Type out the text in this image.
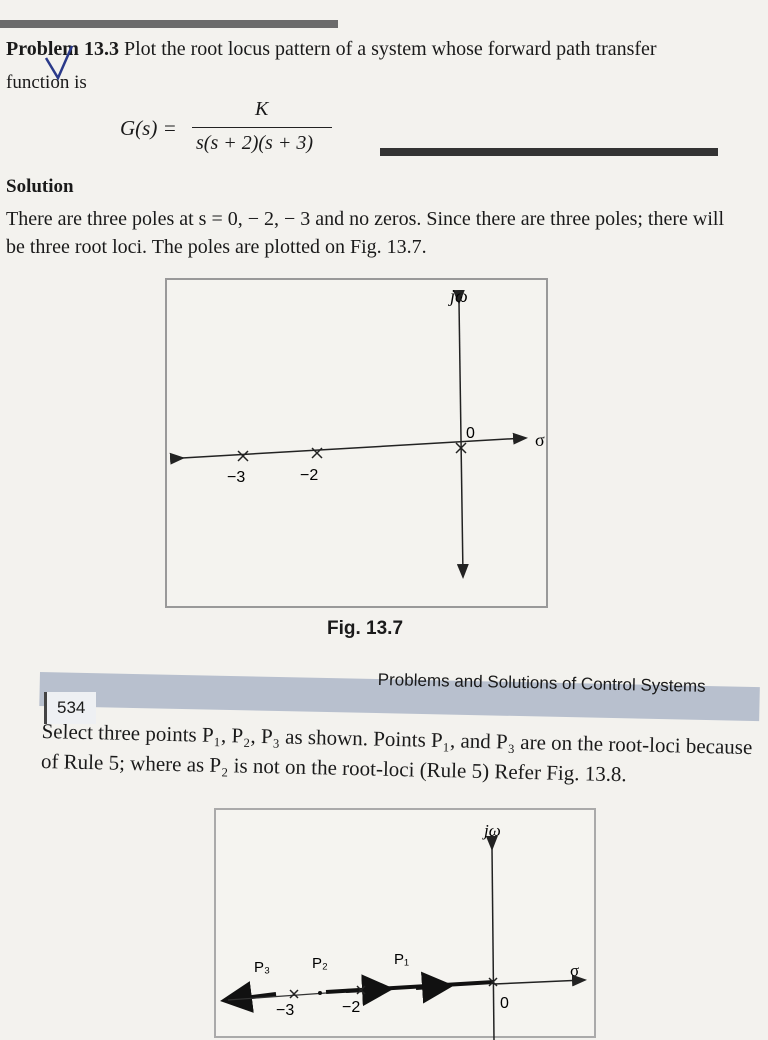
Problem 13.3 Plot the root locus pattern of a system whose forward path transfer
function is
G(s) =
K
s(s + 2)(s + 3)
Solution
There are three poles at s = 0, − 2, − 3 and no zeros. Since there are three poles; there will be three root loci. The poles are plotted on Fig. 13.7.
jω
σ
0
−3	−2
Fig. 13.7
534
Problems and Solutions of Control Systems
Select three points P₁, P₂, P₃ as shown. Points P₁, and P₃ are on the root-loci because of Rule 5; where as P₂ is not on the root-loci (Rule 5) Refer Fig. 13.8.
jω
σ
0
P₃	P₂	P₁
−3	−2
